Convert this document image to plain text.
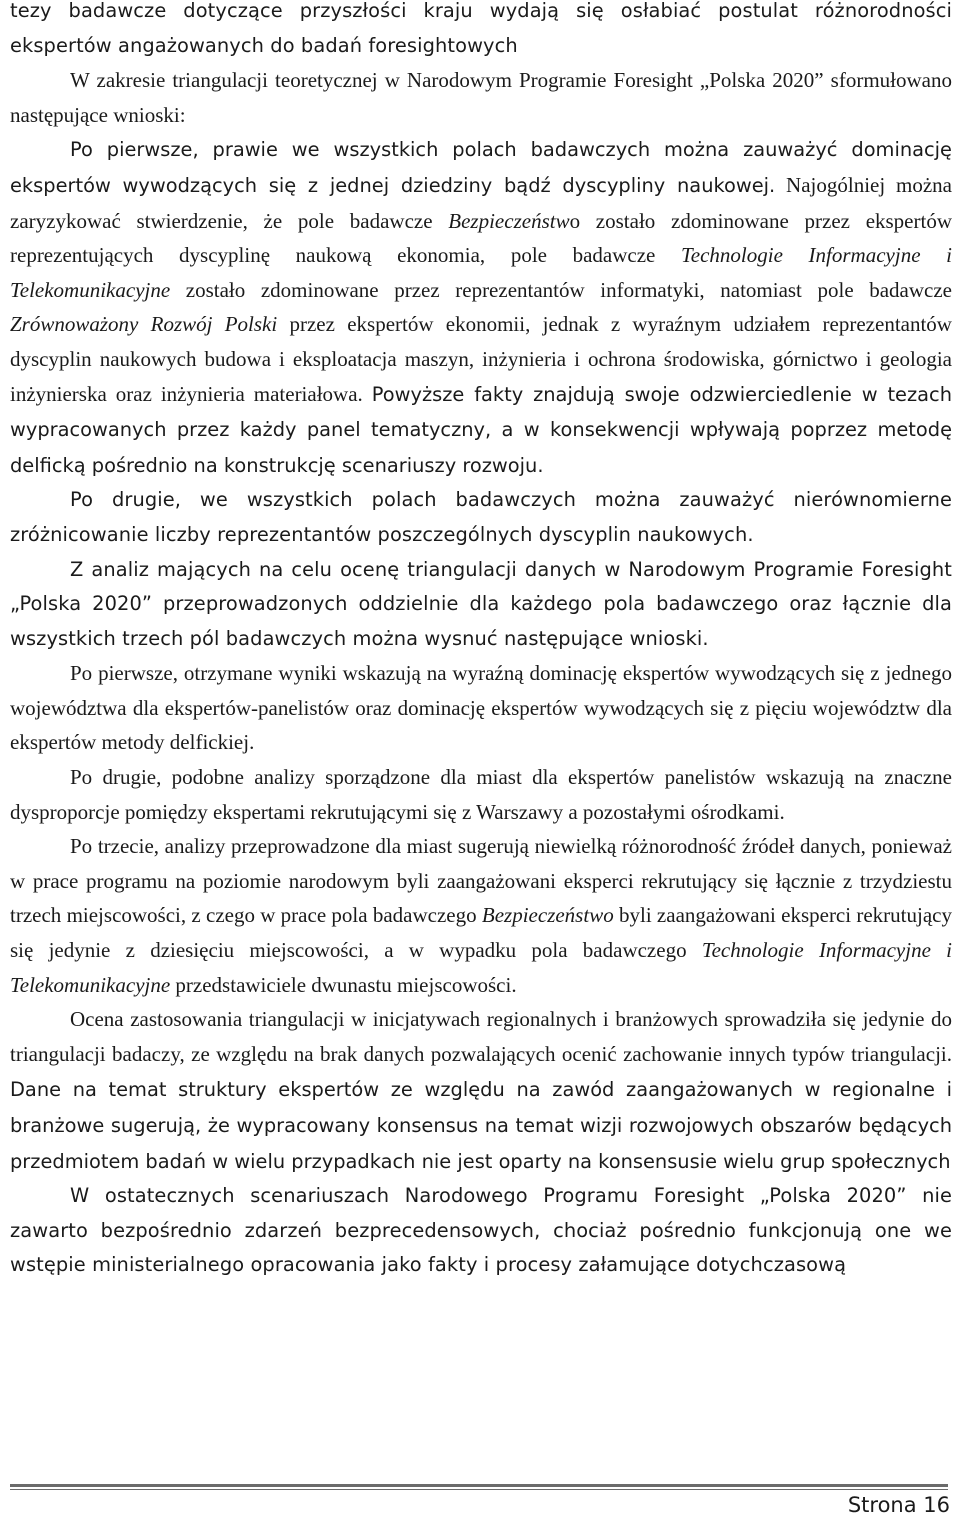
tezy badawcze dotyczące przyszłości kraju wydają się osłabiać postulat różnorodności ekspertów angażowanych do badań foresightowych

W zakresie triangulacji teoretycznej w Narodowym Programie Foresight „Polska 2020” sformułowano następujące wnioski:

Po pierwsze, prawie we wszystkich polach badawczych można zauważyć dominację ekspertów wywodzących się z jednej dziedziny bądź dyscypliny naukowej. Najogólniej można zaryzykować stwierdzenie, że pole badawcze Bezpieczeństwo zostało zdominowane przez ekspertów reprezentujących dyscyplinę naukową ekonomia, pole badawcze Technologie Informacyjne i Telekomunikacyjne zostało zdominowane przez reprezentantów informatyki, natomiast pole badawcze Zrównoważony Rozwój Polski przez ekspertów ekonomii, jednak z wyraźnym udziałem reprezentantów dyscyplin naukowych budowa i eksploatacja maszyn, inżynieria i ochrona środowiska, górnictwo i geologia inżynierska oraz inżynieria materiałowa. Powyższe fakty znajdują swoje odzwierciedlenie w tezach wypracowanych przez każdy panel tematyczny, a w konsekwencji wpływają poprzez metodę delficką pośrednio na konstrukcję scenariuszy rozwoju.

Po drugie, we wszystkich polach badawczych można zauważyć nierównomierne zróżnicowanie liczby reprezentantów poszczególnych dyscyplin naukowych.

Z analiz mających na celu ocenę triangulacji danych w Narodowym Programie Foresight „Polska 2020” przeprowadzonych oddzielnie dla każdego pola badawczego oraz łącznie dla wszystkich trzech pól badawczych można wysnuć następujące wnioski.

Po pierwsze, otrzymane wyniki wskazują na wyraźną dominację ekspertów wywodzących się z jednego województwa dla ekspertów-panelistów oraz dominację ekspertów wywodzących się z pięciu województw dla ekspertów metody delfickiej.

Po drugie, podobne analizy sporządzone dla miast dla ekspertów panelistów wskazują na znaczne dysproporcje pomiędzy ekspertami rekrutującymi się z Warszawy a pozostałymi ośrodkami.

Po trzecie, analizy przeprowadzone dla miast sugerują niewielką różnorodność źródeł danych, ponieważ w prace programu na poziomie narodowym byli zaangażowani eksperci rekrutujący się łącznie z trzydziestu trzech miejscowości, z czego w prace pola badawczego Bezpieczeństwo byli zaangażowani eksperci rekrutujący się jedynie z dziesięciu miejscowości, a w wypadku pola badawczego Technologie Informacyjne i Telekomunikacyjne przedstawiciele dwunastu miejscowości.

Ocena zastosowania triangulacji w inicjatywach regionalnych i branżowych sprowadziła się jedynie do triangulacji badaczy, ze względu na brak danych pozwalających ocenić zachowanie innych typów triangulacji. Dane na temat struktury ekspertów ze względu na zawód zaangażowanych w regionalne i branżowe sugerują, że wypracowany konsensus na temat wizji rozwojowych obszarów będących przedmiotem badań w wielu przypadkach nie jest oparty na konsensusie wielu grup społecznych

W ostatecznych scenariuszach Narodowego Programu Foresight „Polska 2020” nie zawarto bezpośrednio zdarzeń bezprecedensowych, chociaż pośrednio funkcjonują one we wstępie ministerialnego opracowania jako fakty i procesy załamujące dotychczasową

Strona 16
